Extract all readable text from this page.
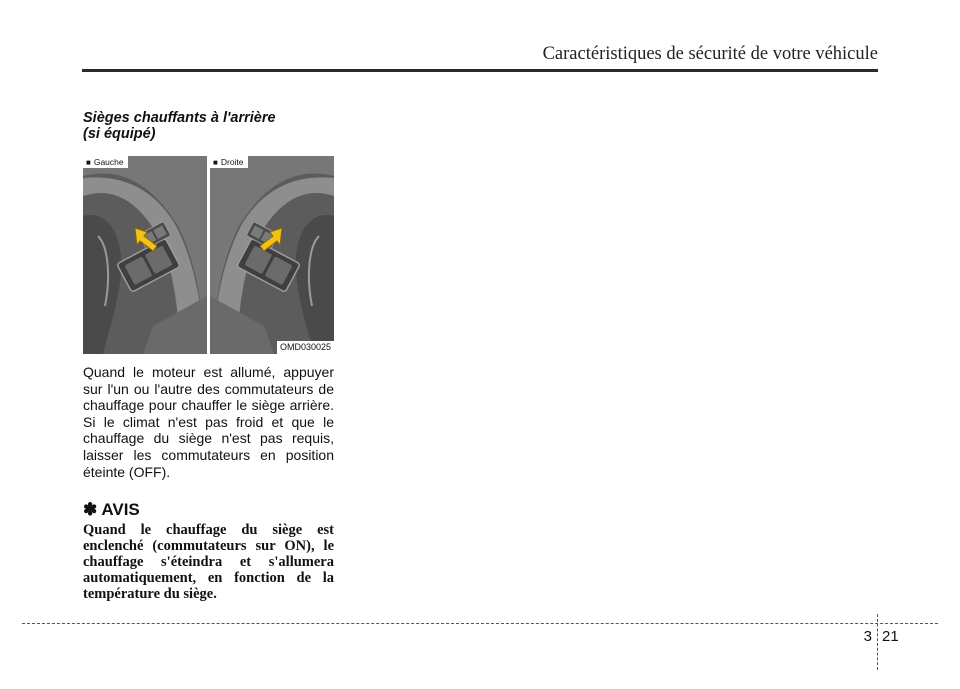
Caractéristiques de sécurité de votre véhicule
Sièges chauffants à l'arrière
(si équipé)
■ Gauche	■ Droite
OMD030025
Quand le moteur est allumé, appuyer sur l'un ou l'autre des commutateurs de chauffage pour chauffer le siège arrière. Si le climat n'est pas froid et que le chauffage du siège n'est pas requis, laisser les commutateurs en position éteinte (OFF).
✽ AVIS
Quand le chauffage du siège est enclenché (commutateurs sur ON), le chauffage s'éteindra et s'allumera automatiquement, en fonction de la température du siège.
3 21
